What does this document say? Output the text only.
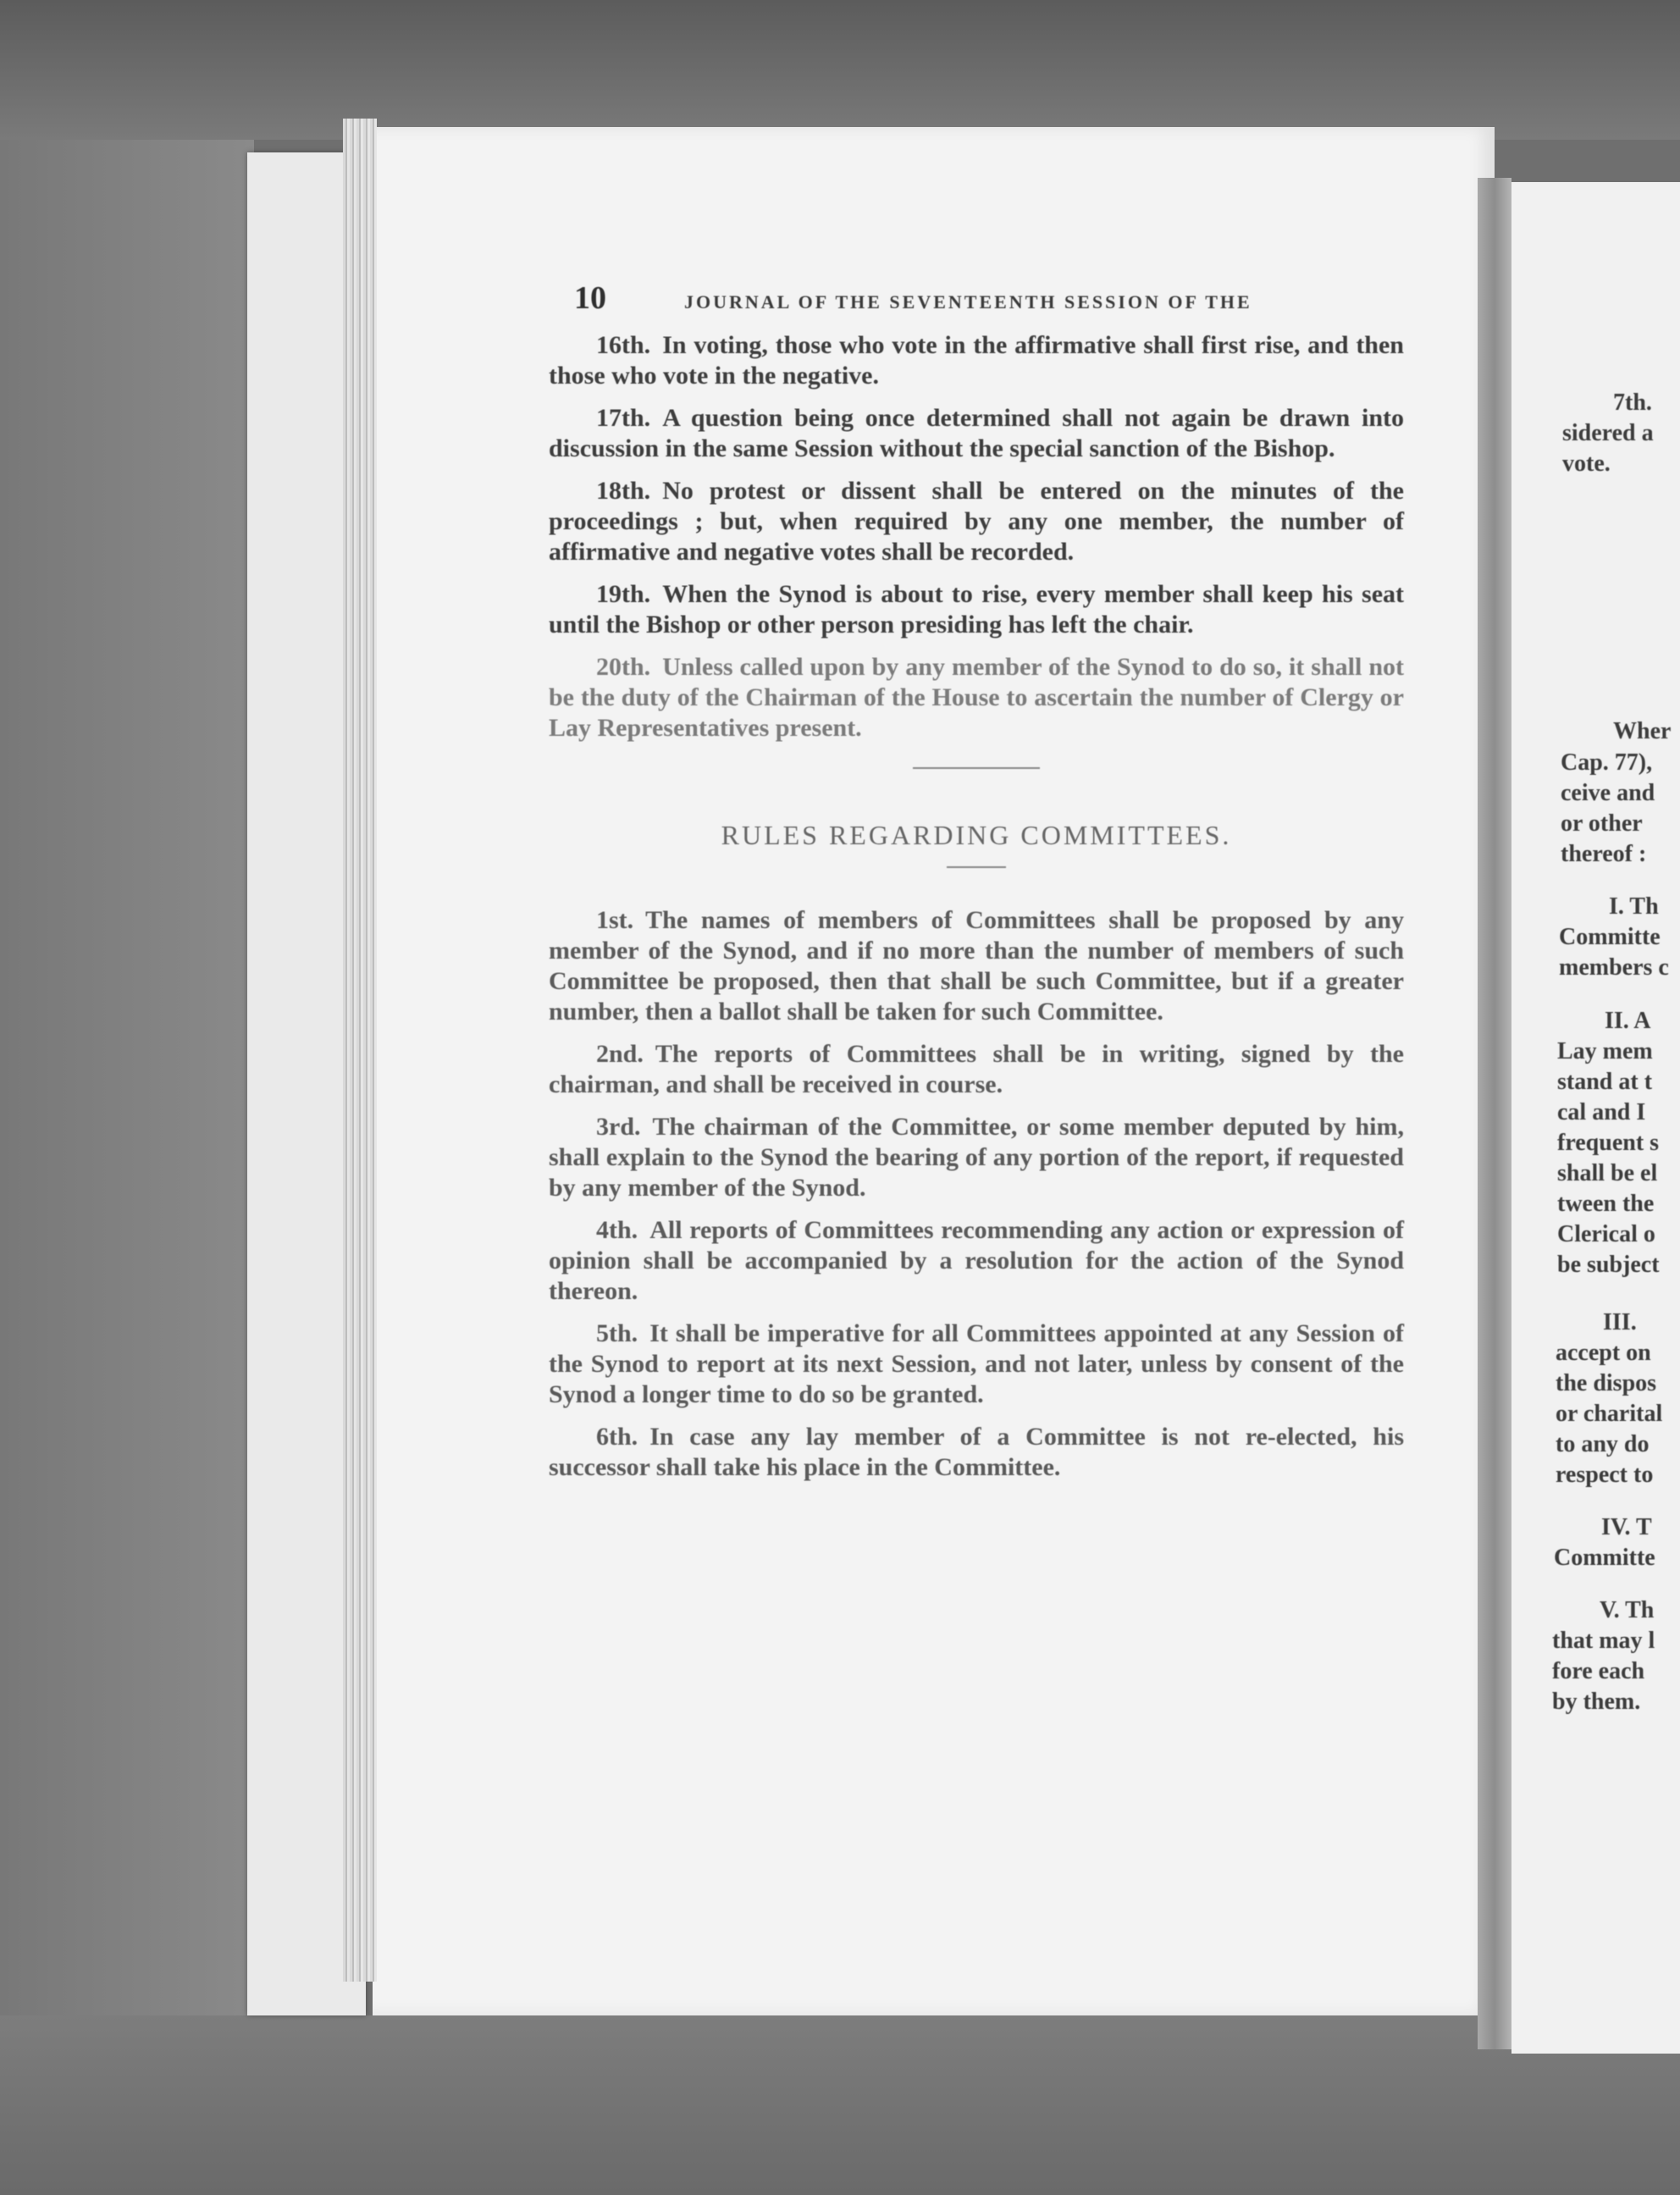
10	JOURNAL OF THE SEVENTEENTH SESSION OF THE

16th. In voting, those who vote in the affirmative shall first rise, and then those who vote in the negative.

17th. A question being once determined shall not again be drawn into discussion in the same Session without the special sanction of the Bishop.

18th. No protest or dissent shall be entered on the minutes of the proceedings ; but, when required by any one member, the number of affirmative and negative votes shall be recorded.

19th. When the Synod is about to rise, every member shall keep his seat until the Bishop or other person presiding has left the chair.

20th. Unless called upon by any member of the Synod to do so, it shall not be the duty of the Chairman of the House to ascertain the number of Clergy or Lay Representatives present.

RULES REGARDING COMMITTEES.

1st. The names of members of Committees shall be proposed by any member of the Synod, and if no more than the number of members of such Committee be proposed, then that shall be such Committee, but if a greater number, then a ballot shall be taken for such Committee.

2nd. The reports of Committees shall be in writing, signed by the chairman, and shall be received in course.

3rd. The chairman of the Committee, or some member deputed by him, shall explain to the Synod the bearing of any portion of the report, if requested by any member of the Synod.

4th. All reports of Committees recommending any action or expression of opinion shall be accompanied by a resolution for the action of the Synod thereon.

5th. It shall be imperative for all Committees appointed at any Session of the Synod to report at its next Session, and not later, unless by consent of the Synod a longer time to do so be granted.

6th. In case any lay member of a Committee is not re-elected, his successor shall take his place in the Committee.

7th.
sidered a
vote.
Wher
Cap. 77),
ceive and
or other
thereof :
I. Th
Committe
members c
II. A
Lay mem
stand at t
cal and I
frequent s
shall be el
tween the
Clerical o
be subject
III.
accept on
the dispos
or charital
to any do
respect to
IV. T
Committe
V. Th
that may l
fore each
by them.
